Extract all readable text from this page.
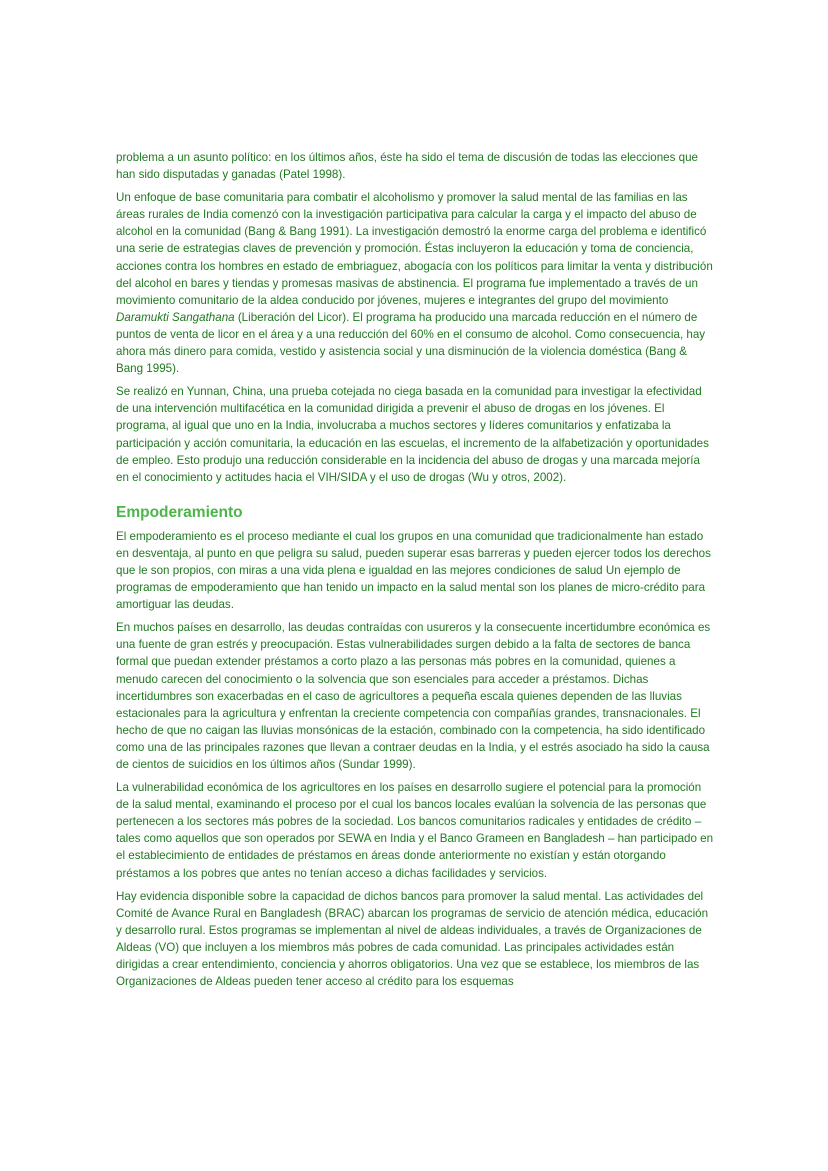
problema a un asunto político: en los últimos años, éste ha sido el tema de discusión de todas las elecciones que han sido disputadas y ganadas (Patel 1998).

Un enfoque de base comunitaria para combatir el alcoholismo y promover la salud mental de las familias en las áreas rurales de India comenzó con la investigación participativa para calcular la carga y el impacto del abuso de alcohol en la comunidad (Bang & Bang 1991). La investigación demostró la enorme carga del problema e identificó una serie de estrategias claves de prevención y promoción. Éstas incluyeron la educación y toma de conciencia, acciones contra los hombres en estado de embriaguez, abogacía con los políticos para limitar la venta y distribución del alcohol en bares y tiendas y promesas masivas de abstinencia. El programa fue implementado a través de un movimiento comunitario de la aldea conducido por jóvenes, mujeres e integrantes del grupo del movimiento Daramukti Sangathana (Liberación del Licor). El programa ha producido una marcada reducción en el número de puntos de venta de licor en el área y a una reducción del 60% en el consumo de alcohol. Como consecuencia, hay ahora más dinero para comida, vestido y asistencia social y una disminución de la violencia doméstica (Bang & Bang 1995).

Se realizó en Yunnan, China, una prueba cotejada no ciega basada en la comunidad para investigar la efectividad de una intervención multifacética en la comunidad dirigida a prevenir el abuso de drogas en los jóvenes. El programa, al igual que uno en la India, involucraba a muchos sectores y líderes comunitarios y enfatizaba la participación y acción comunitaria, la educación en las escuelas, el incremento de la alfabetización y oportunidades de empleo. Esto produjo una reducción considerable en la incidencia del abuso de drogas y una marcada mejoría en el conocimiento y actitudes hacia el VIH/SIDA y el uso de drogas (Wu y otros, 2002).

Empoderamiento

El empoderamiento es el proceso mediante el cual los grupos en una comunidad que tradicionalmente han estado en desventaja, al punto en que peligra su salud, pueden superar esas barreras y pueden ejercer todos los derechos que le son propios, con miras a una vida plena e igualdad en las mejores condiciones de salud Un ejemplo de programas de empoderamiento que han tenido un impacto en la salud mental son los planes de micro-crédito para amortiguar las deudas.

En muchos países en desarrollo, las deudas contraídas con usureros y la consecuente incertidumbre económica es una fuente de gran estrés y preocupación. Estas vulnerabilidades surgen debido a la falta de sectores de banca formal que puedan extender préstamos a corto plazo a las personas más pobres en la comunidad, quienes a menudo carecen del conocimiento o la solvencia que son esenciales para acceder a préstamos. Dichas incertidumbres son exacerbadas en el caso de agricultores a pequeña escala quienes dependen de las lluvias estacionales para la agricultura y enfrentan la creciente competencia con compañías grandes, transnacionales. El hecho de que no caigan las lluvias monsónicas de la estación, combinado con la competencia, ha sido identificado como una de las principales razones que llevan a contraer deudas en la India, y el estrés asociado ha sido la causa de cientos de suicidios en los últimos años (Sundar 1999).

La vulnerabilidad económica de los agricultores en los países en desarrollo sugiere el potencial para la promoción de la salud mental, examinando el proceso por el cual los bancos locales evalúan la solvencia de las personas que pertenecen a los sectores más pobres de la sociedad. Los bancos comunitarios radicales y entidades de crédito – tales como aquellos que son operados por SEWA en India y el Banco Grameen en Bangladesh – han participado en el establecimiento de entidades de préstamos en áreas donde anteriormente no existían y están otorgando préstamos a los pobres que antes no tenían acceso a dichas facilidades y servicios.

Hay evidencia disponible sobre la capacidad de dichos bancos para promover la salud mental. Las actividades del Comité de Avance Rural en Bangladesh (BRAC) abarcan los programas de servicio de atención médica, educación y desarrollo rural. Estos programas se implementan al nivel de aldeas individuales, a través de Organizaciones de Aldeas (VO) que incluyen a los miembros más pobres de cada comunidad. Las principales actividades están dirigidas a crear entendimiento, conciencia y ahorros obligatorios. Una vez que se establece, los miembros de las Organizaciones de Aldeas pueden tener acceso al crédito para los esquemas
